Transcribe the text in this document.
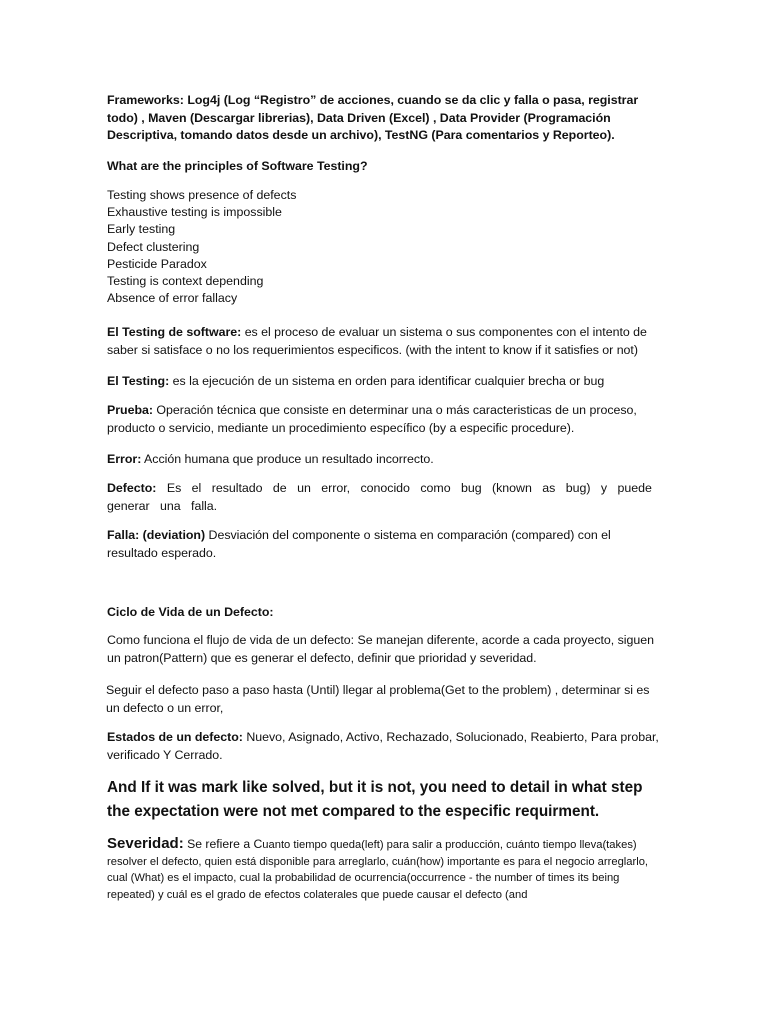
Frameworks: Log4j (Log “Registro” de acciones, cuando se da clic y falla o pasa, registrar todo) , Maven (Descargar librerias), Data Driven (Excel) , Data Provider (Programación Descriptiva, tomando datos desde un archivo), TestNG (Para comentarios y Reporteo).
What are the principles of Software Testing?
Testing shows presence of defects
Exhaustive testing is impossible
Early testing
Defect clustering
Pesticide Paradox
Testing is context depending
Absence of error fallacy
El Testing de software: es el proceso de evaluar un sistema o sus componentes con el intento de saber si satisface o no los requerimientos especificos. (with the intent to know if it satisfies or not)
El Testing: es la ejecución de un sistema en orden para identificar cualquier brecha or bug
Prueba: Operación técnica que consiste en determinar una o más caracteristicas de un proceso, producto o servicio, mediante un procedimiento específico (by a especific procedure).
Error: Acción humana que produce un resultado incorrecto.
Defecto: Es el resultado de un error, conocido como bug (known as bug) y puede generar una falla.
Falla: (deviation) Desviación del componente o sistema en comparación (compared) con el resultado esperado.
Ciclo de Vida de un Defecto:
Como funciona el flujo de vida de un defecto: Se manejan diferente, acorde a cada proyecto, siguen un patron(Pattern) que es generar el defecto, definir que prioridad y severidad.
Seguir el defecto paso a paso hasta (Until) llegar al problema(Get to the problem) , determinar si es un defecto o un error,
Estados de un defecto: Nuevo, Asignado, Activo, Rechazado, Solucionado, Reabierto, Para probar, verificado Y Cerrado.
And If it was mark like solved, but it is not, you need to detail in what step the expectation were not met compared to the especific requirment.
Severidad: Se refiere a Cuanto tiempo queda(left) para salir a producción, cuánto tiempo lleva(takes) resolver el defecto, quien está disponible para arreglarlo, cuán(how) importante es para el negocio arreglarlo, cual (What) es el impacto, cual la probabilidad de ocurrencia(occurrence - the number of times its being repeated) y cuál es el grado de efectos colaterales que puede causar el defecto (and
